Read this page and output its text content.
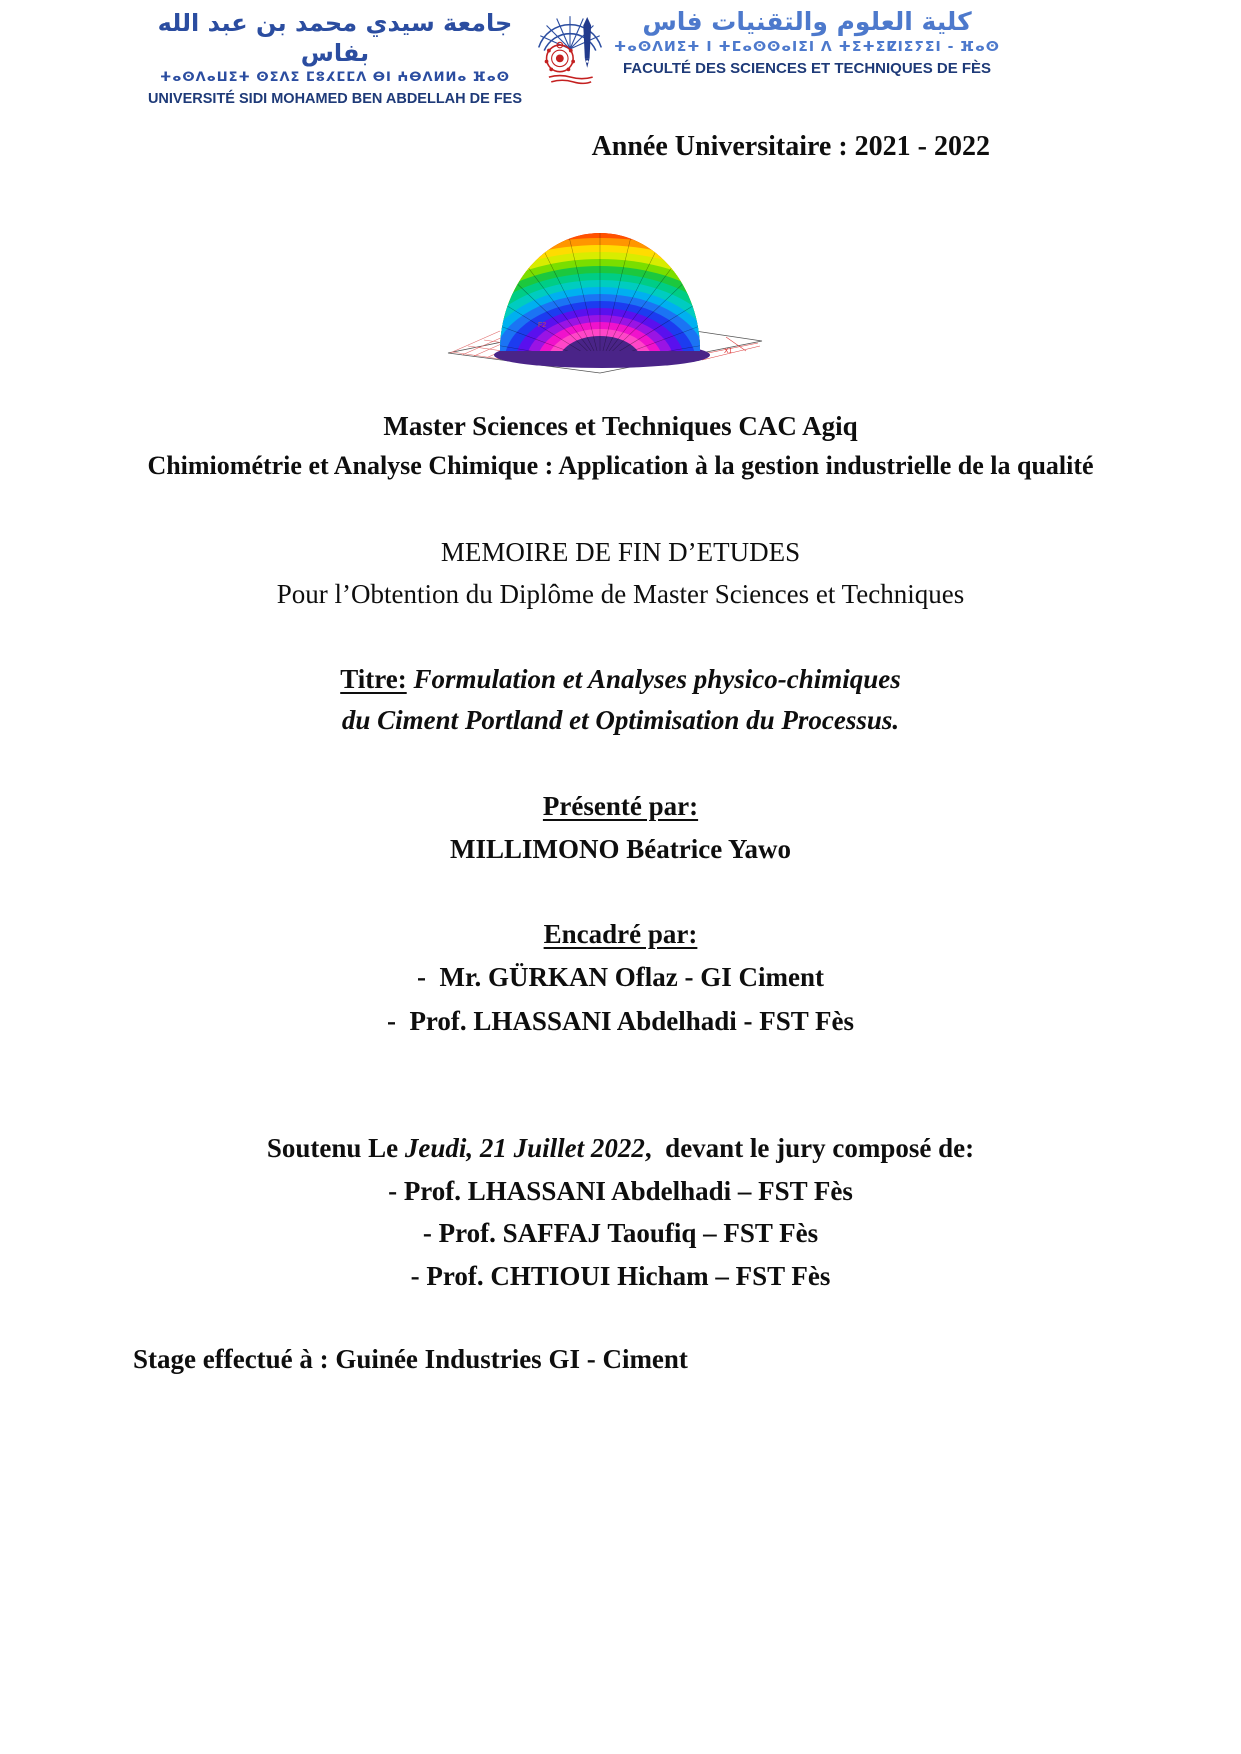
جامعة سيدي محمد بن عبد الله بفاس
ⵜⴰⵙⴷⴰⵡⵉⵜ ⵙⵉⴷⵉ ⵎⵓⵃⵎⵎⴷ ⴱⵏ ⵄⴱⴷⵍⵍⴰ ⴼⴰⵙ
UNIVERSITÉ SIDI MOHAMED BEN ABDELLAH DE FES
كلية العلوم والتقنيات فاس
ⵜⴰⵙⴷⵍⵉⵜ ⵏ ⵜⵎⴰⵙⵙⴰⵏⵉⵏ ⴷ ⵜⵉⵜⵉⵇⵏⵉⵢⵉⵏ - ⴼⴰⵙ
FACULTÉ DES SCIENCES ET TECHNIQUES DE FÈS
Année Universitaire : 2021 - 2022
F2
X1
Master Sciences et Techniques CAC Agiq
Chimiométrie et Analyse Chimique : Application à la gestion industrielle de la qualité
MEMOIRE DE FIN D’ETUDES
Pour l’Obtention du Diplôme de Master Sciences et Techniques
Titre: Formulation et Analyses physico-chimiques
du Ciment Portland et Optimisation du Processus.
Présenté par:
MILLIMONO Béatrice Yawo
Encadré par:
-  Mr. GÜRKAN Oflaz - GI Ciment
-  Prof. LHASSANI Abdelhadi - FST Fès
Soutenu Le Jeudi, 21 Juillet 2022,  devant le jury composé de:
- Prof. LHASSANI Abdelhadi – FST Fès
- Prof. SAFFAJ Taoufiq – FST Fès
- Prof. CHTIOUI Hicham – FST Fès
Stage effectué à : Guinée Industries GI - Ciment
